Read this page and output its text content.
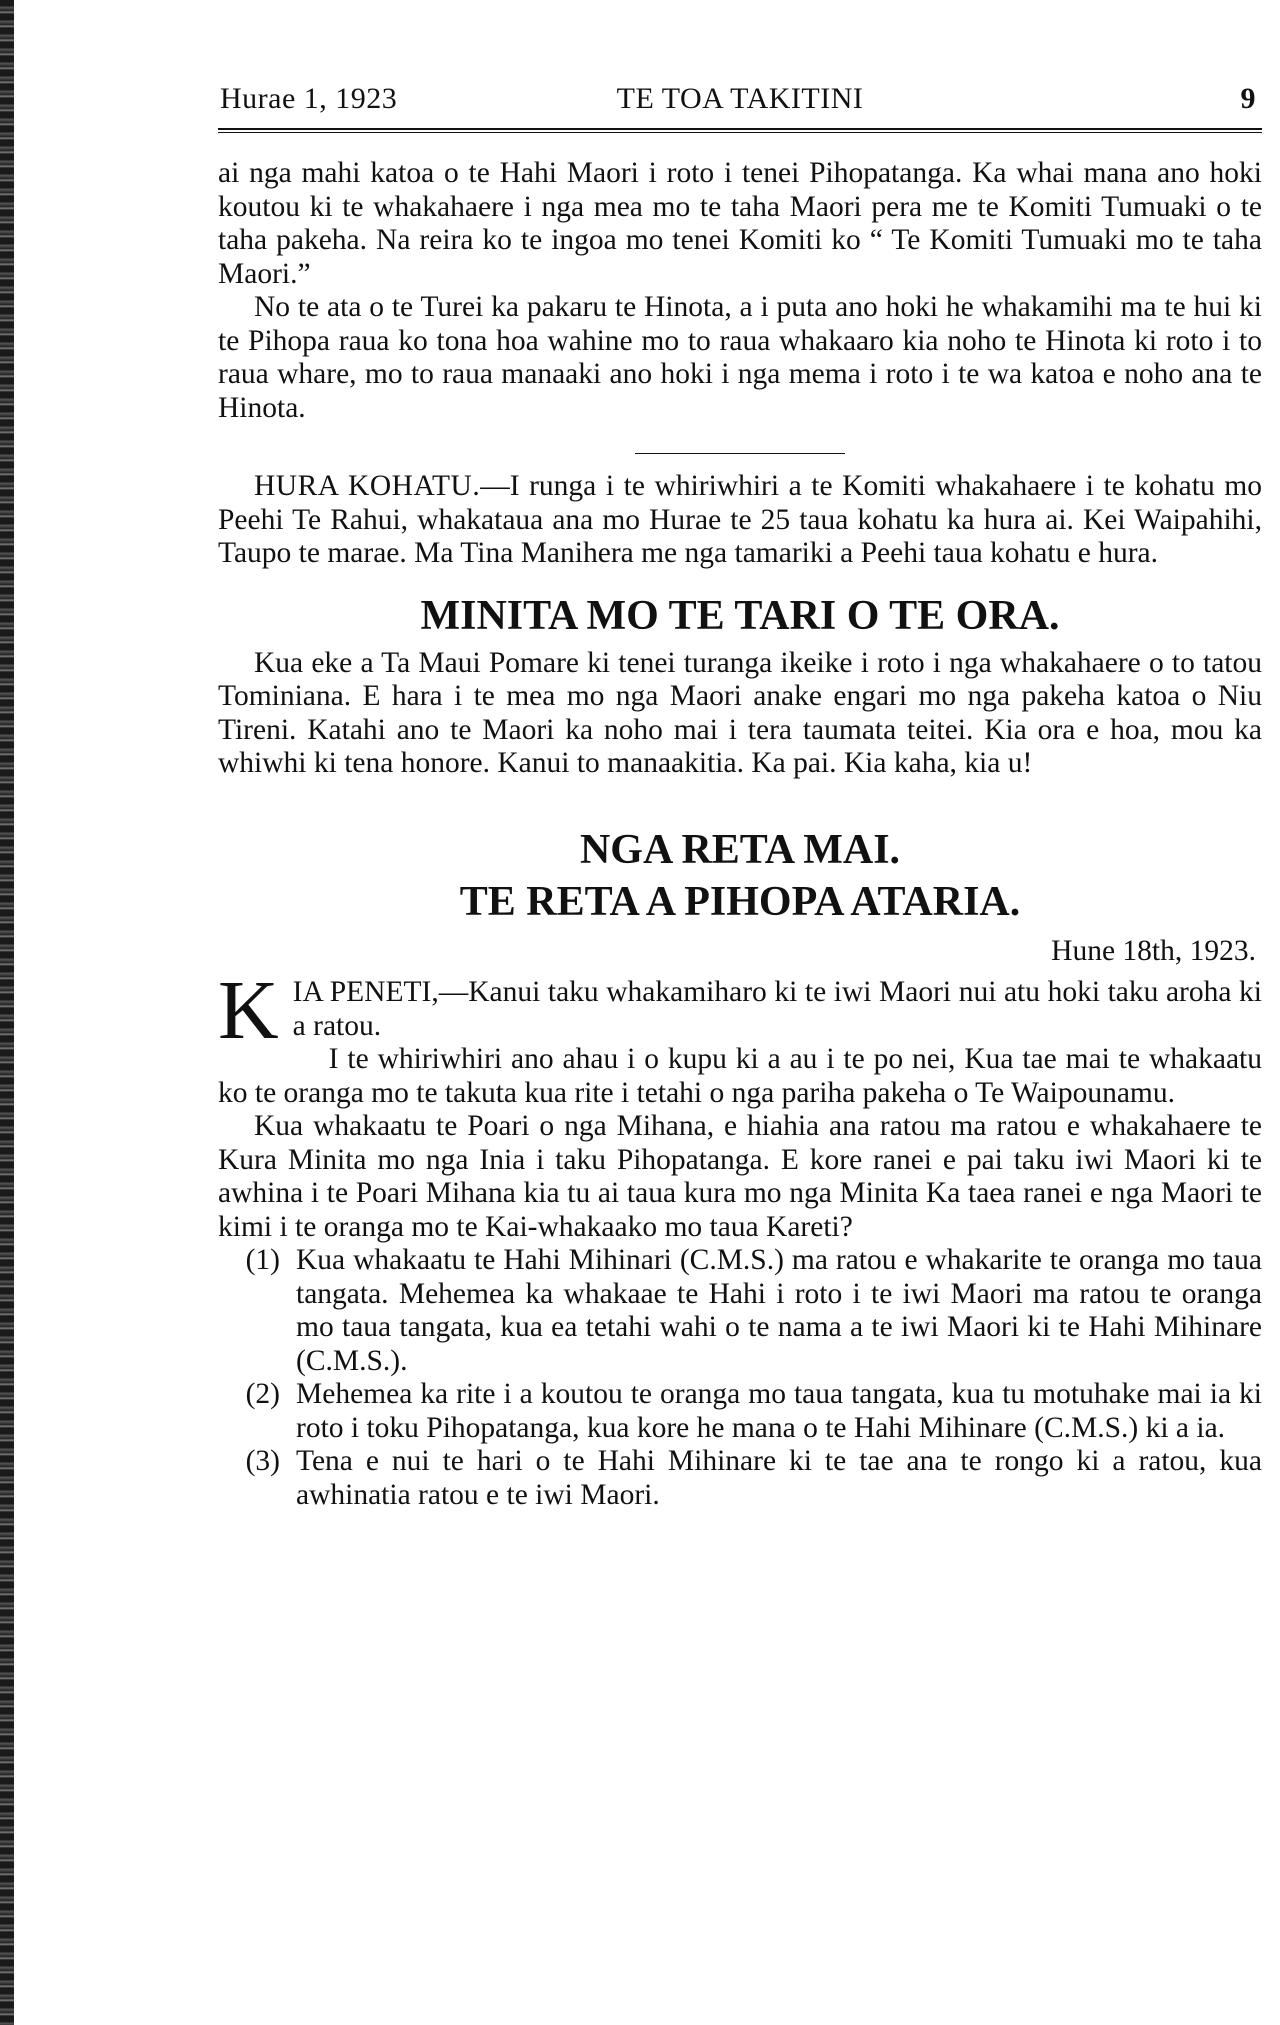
Hurae 1, 1923	TE TOA TAKITINI	9

ai nga mahi katoa o te Hahi Maori i roto i tenei Pihopatanga. Ka whai mana ano hoki koutou ki te whakahaere i nga mea mo te taha Maori pera me te Komiti Tumuaki o te taha pakeha. Na reira ko te ingoa mo tenei Komiti ko “ Te Komiti Tumuaki mo te taha Maori.”

No te ata o te Turei ka pakaru te Hinota, a i puta ano hoki he whakamihi ma te hui ki te Pihopa raua ko tona hoa wahine mo to raua whakaaro kia noho te Hinota ki roto i to raua whare, mo to raua manaaki ano hoki i nga mema i roto i te wa katoa e noho ana te Hinota.

HURA KOHATU.—I runga i te whiriwhiri a te Komiti whakahaere i te kohatu mo Peehi Te Rahui, whakataua ana mo Hurae te 25 taua kohatu ka hura ai. Kei Waipahihi, Taupo te marae. Ma Tina Manihera me nga tamariki a Peehi taua kohatu e hura.

MINITA MO TE TARI O TE ORA.

Kua eke a Ta Maui Pomare ki tenei turanga ikeike i roto i nga whakahaere o to tatou Tominiana. E hara i te mea mo nga Maori anake engari mo nga pakeha katoa o Niu Tireni. Katahi ano te Maori ka noho mai i tera taumata teitei. Kia ora e hoa, mou ka whiwhi ki tena honore. Kanui to manaakitia. Ka pai. Kia kaha, kia u!

NGA RETA MAI.
TE RETA A PIHOPA ATARIA.
Hune 18th, 1923.
K IA PENETI,—Kanui taku whakamiharo ki te iwi Maori nui atu hoki taku aroha ki a ratou.

I te whiriwhiri ano ahau i o kupu ki a au i te po nei, Kua tae mai te whakaatu ko te oranga mo te takuta kua rite i tetahi o nga pariha pakeha o Te Waipounamu.

Kua whakaatu te Poari o nga Mihana, e hiahia ana ratou ma ratou e whakahaere te Kura Minita mo nga Inia i taku Pihopatanga. E kore ranei e pai taku iwi Maori ki te awhina i te Poari Mihana kia tu ai taua kura mo nga Minita Ka taea ranei e nga Maori te kimi i te oranga mo te Kai-whakaako mo taua Kareti?

(1) Kua whakaatu te Hahi Mihinari (C.M.S.) ma ratou e whakarite te oranga mo taua tangata. Mehemea ka whakaae te Hahi i roto i te iwi Maori ma ratou te oranga mo taua tangata, kua ea tetahi wahi o te nama a te iwi Maori ki te Hahi Mihinare (C.M.S.).
(2) Mehemea ka rite i a koutou te oranga mo taua tangata, kua tu motuhake mai ia ki roto i toku Pihopatanga, kua kore he mana o te Hahi Mihinare (C.M.S.) ki a ia.
(3) Tena e nui te hari o te Hahi Mihinare ki te tae ana te rongo ki a ratou, kua awhinatia ratou e te iwi Maori.
